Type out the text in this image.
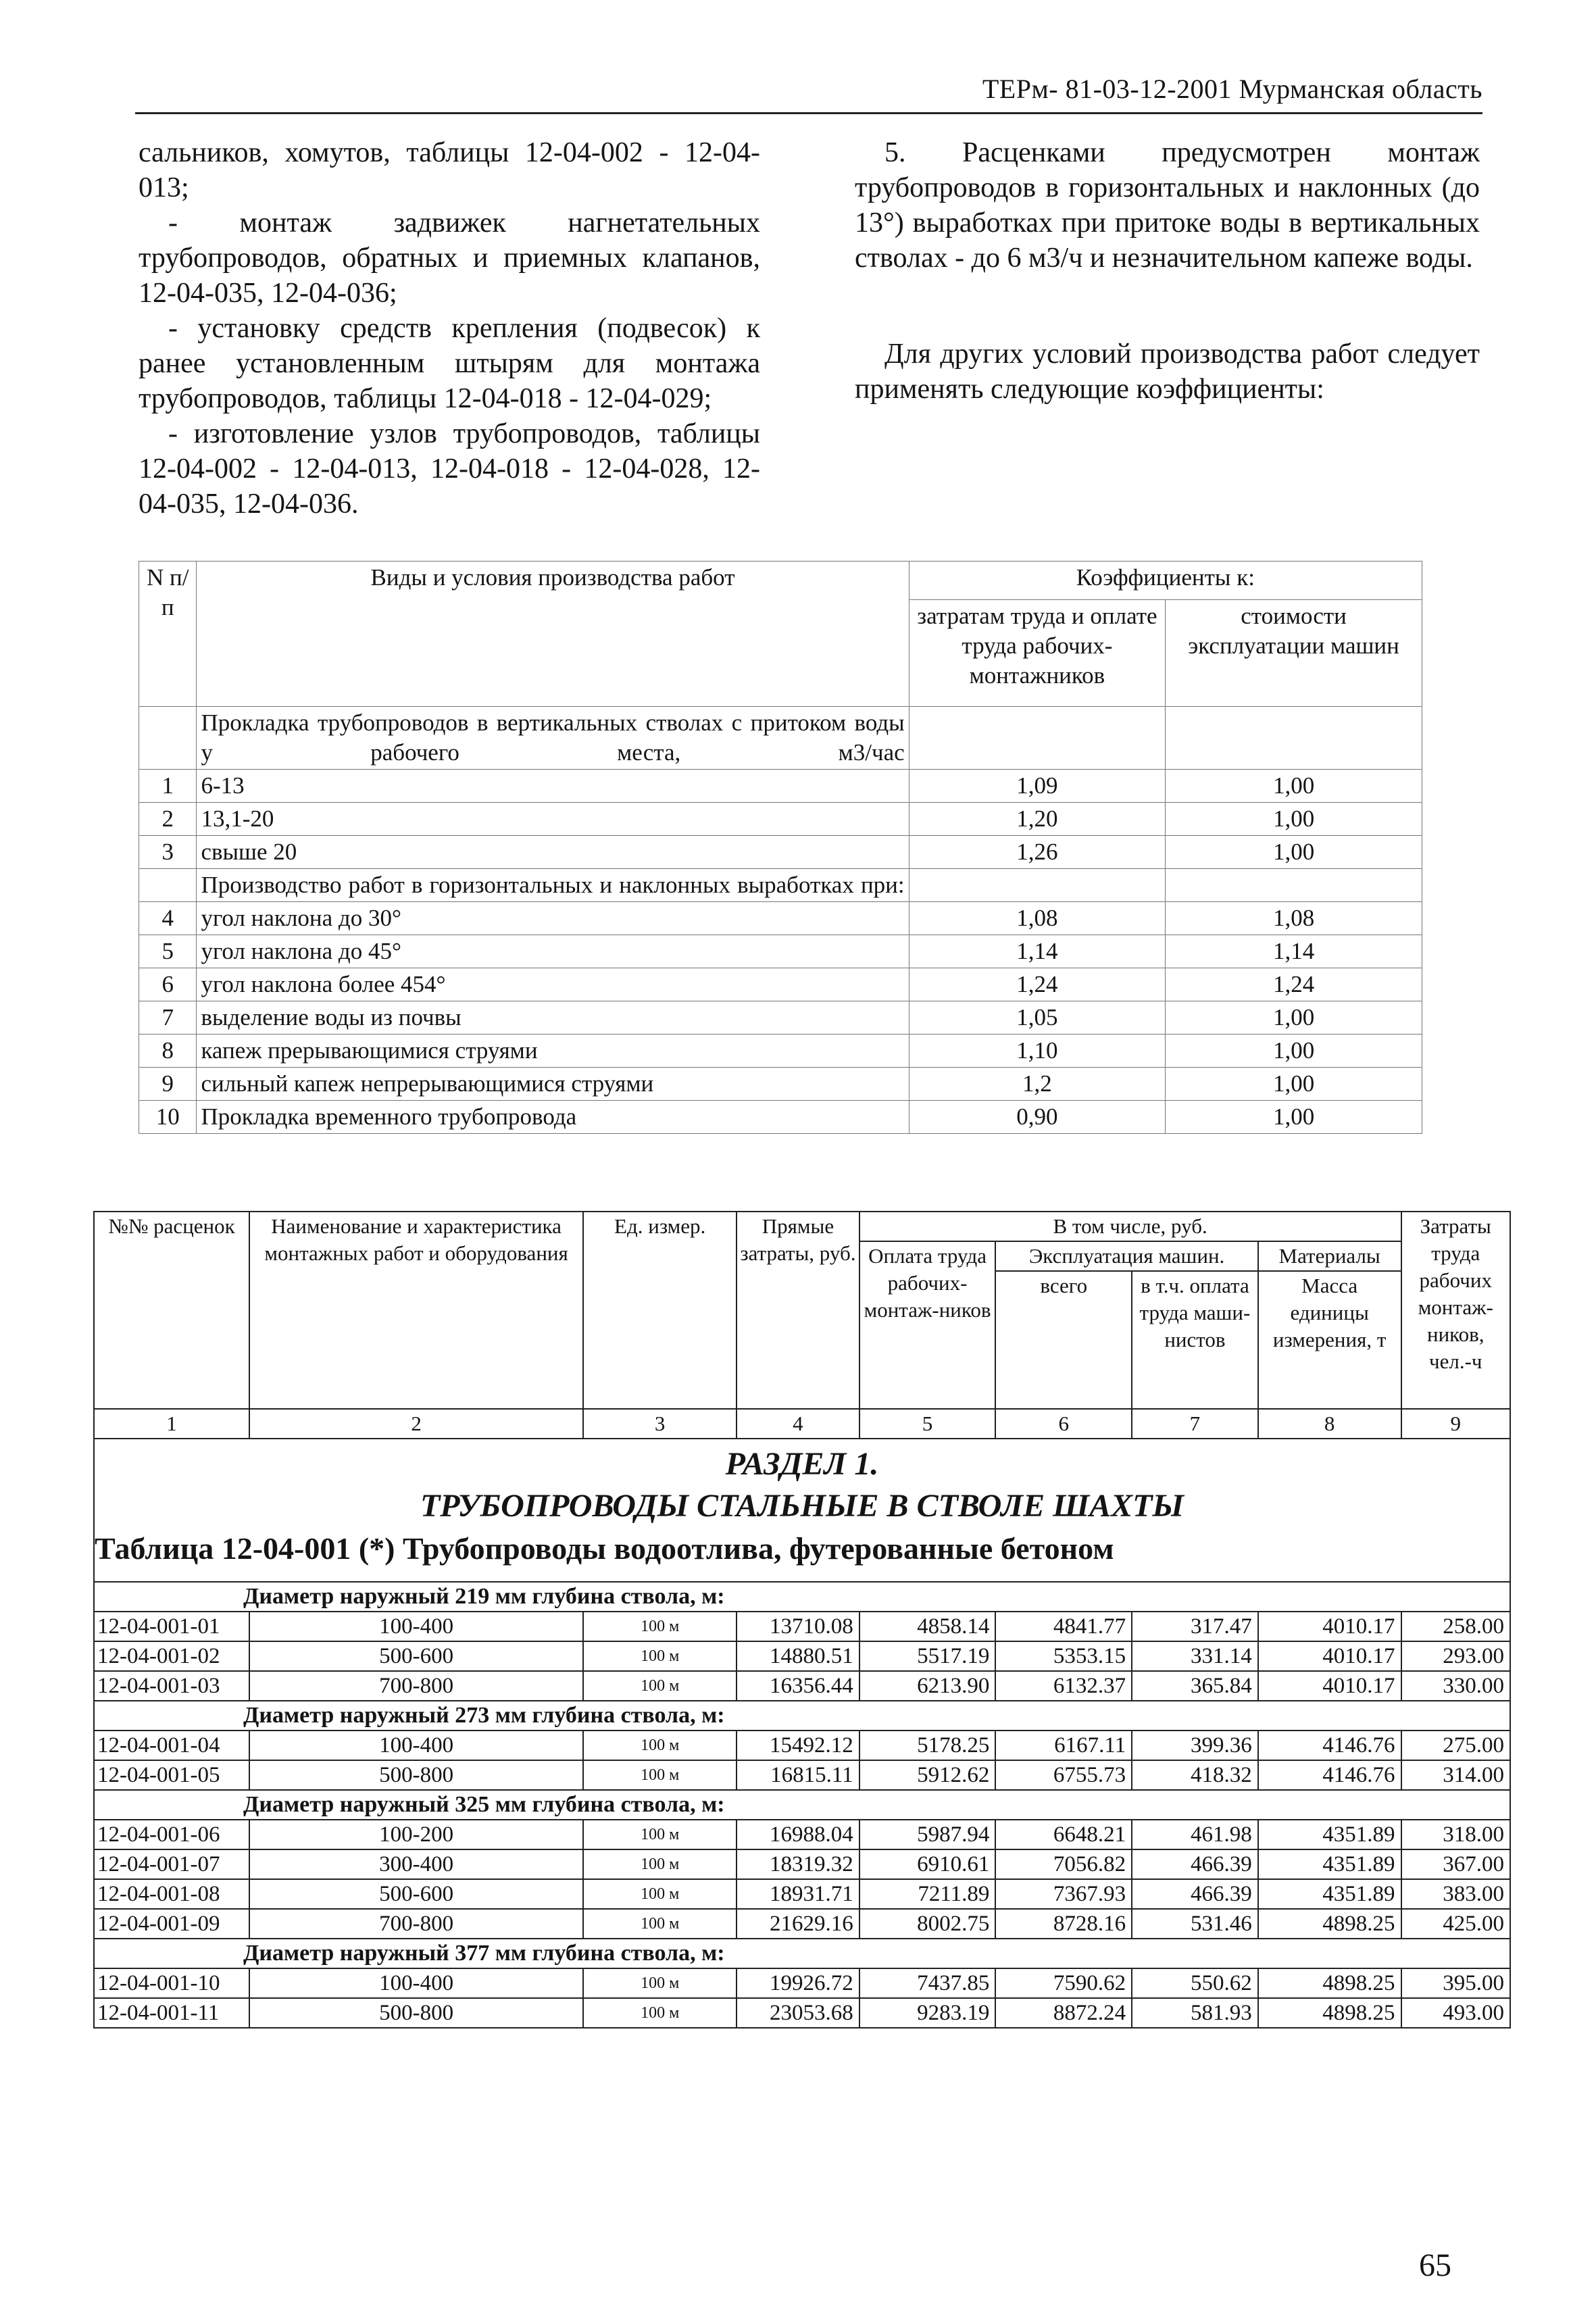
ТЕРм- 81-03-12-2001 Мурманская область

сальников, хомутов, таблицы 12-04-002 - 12-04-013;

- монтаж задвижек нагнетательных трубопроводов, обратных и приемных клапанов, 12-04-035, 12-04-036;

- установку средств крепления (подвесок) к ранее установленным штырям для монтажа трубопроводов, таблицы 12-04-018 - 12-04-029;

- изготовление узлов трубопроводов, таблицы 12-04-002 - 12-04-013, 12-04-018 - 12-04-028, 12-04-035, 12-04-036.

5. Расценками предусмотрен монтаж трубопроводов в горизонтальных и наклонных (до 13°) выработках при притоке воды в вертикальных стволах - до 6 м3/ч и незначительном капеже воды.

Для других условий производства работ следует применять следующие коэффициенты:

N п/п	Виды и условия производства работ	Коэффициенты к:	
		затратам труда и оплате труда рабочих-монтажников	стоимости эксплуатации машин
	Прокладка трубопроводов в вертикальных стволах с притоком воды у рабочего места, м3/час		
1	6-13	1,09	1,00
2	13,1-20	1,20	1,00
3	свыше 20	1,26	1,00
	Производство работ в горизонтальных и наклонных выработках при:		
4	угол наклона до 30°	1,08	1,08
5	угол наклона до 45°	1,14	1,14
6	угол наклона более 454°	1,24	1,24
7	выделение воды из почвы	1,05	1,00
8	капеж прерывающимися струями	1,10	1,00
9	сильный капеж непрерывающимися струями	1,2	1,00
10	Прокладка временного трубопровода	0,90	1,00
№№ расценок	Наименование и характеристика монтажных работ и оборудования	Ед. измер.	Прямые затраты, руб.	В том числе, руб.				Затраты труда рабочих монтаж-ников, чел.-ч
				Оплата труда рабочих-монтаж-ников	Эксплуатация машин.		Материалы	
					всего	в т.ч. оплата труда маши-нистов	Масса единицы измерения, т	
1	2	3	4	5	6	7	8	9

РАЗДЕЛ 1.
ТРУБОПРОВОДЫ СТАЛЬНЫЕ В СТВОЛЕ ШАХТЫ								

Таблица 12-04-001 (*) Трубопроводы водоотлива, футерованные бетоном								
Диаметр наружный 219 мм глубина ствола, м:								
12-04-001-01	100-400	100 м	13710.08	4858.14	4841.77	317.47	4010.17	258.00
12-04-001-02	500-600	100 м	14880.51	5517.19	5353.15	331.14	4010.17	293.00
12-04-001-03	700-800	100 м	16356.44	6213.90	6132.37	365.84	4010.17	330.00
Диаметр наружный 273 мм глубина ствола, м:								
12-04-001-04	100-400	100 м	15492.12	5178.25	6167.11	399.36	4146.76	275.00
12-04-001-05	500-800	100 м	16815.11	5912.62	6755.73	418.32	4146.76	314.00
Диаметр наружный 325 мм глубина ствола, м:								
12-04-001-06	100-200	100 м	16988.04	5987.94	6648.21	461.98	4351.89	318.00
12-04-001-07	300-400	100 м	18319.32	6910.61	7056.82	466.39	4351.89	367.00
12-04-001-08	500-600	100 м	18931.71	7211.89	7367.93	466.39	4351.89	383.00
12-04-001-09	700-800	100 м	21629.16	8002.75	8728.16	531.46	4898.25	425.00
Диаметр наружный 377 мм глубина ствола, м:								
12-04-001-10	100-400	100 м	19926.72	7437.85	7590.62	550.62	4898.25	395.00
12-04-001-11	500-800	100 м	23053.68	9283.19	8872.24	581.93	4898.25	493.00
65
